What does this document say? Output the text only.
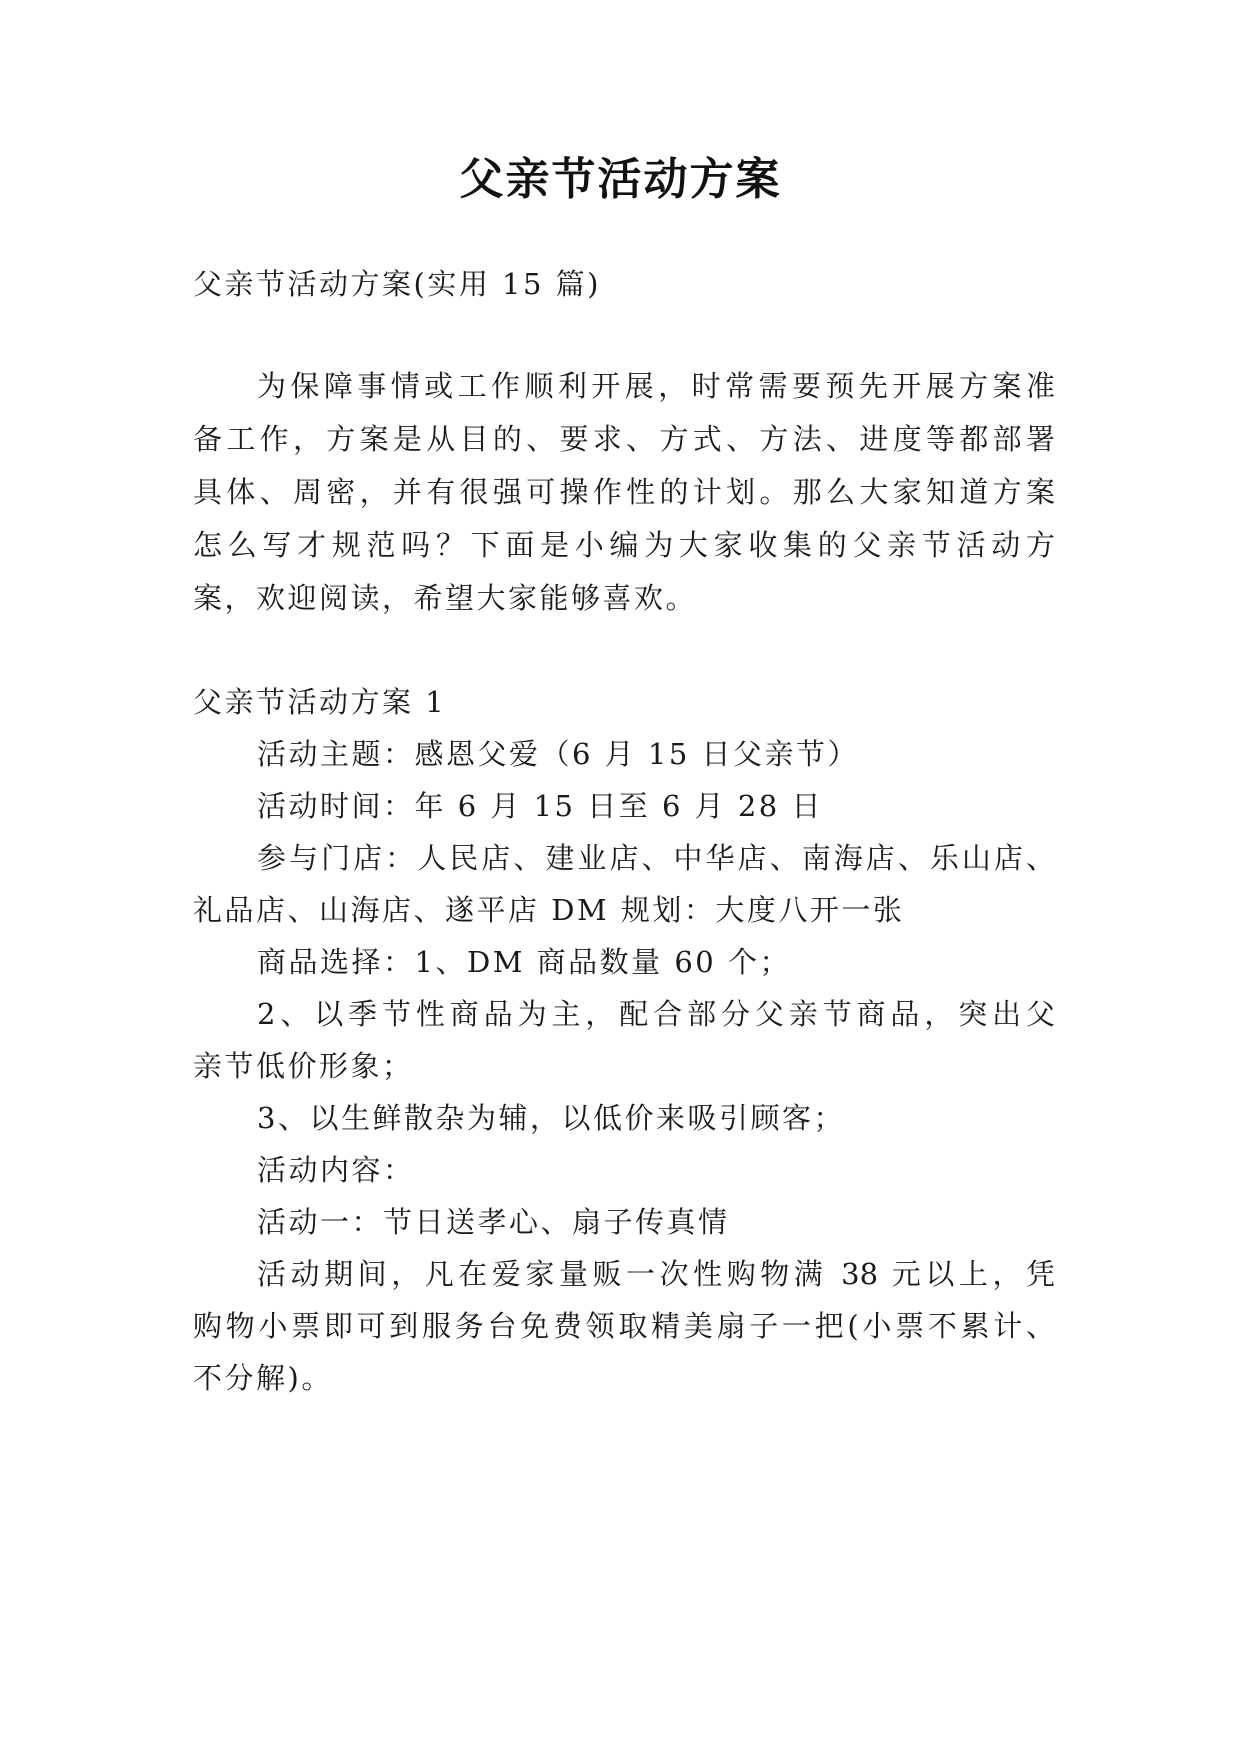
父亲节活动方案
父亲节活动方案(实用 15 篇)
为保障事情或工作顺利开展，时常需要预先开展方案准
备工作，方案是从目的、要求、方式、方法、进度等都部署
具体、周密，并有很强可操作性的计划。那么大家知道方案
怎么写才规范吗？下面是小编为大家收集的父亲节活动方
案，欢迎阅读，希望大家能够喜欢。
父亲节活动方案 1
活动主题：感恩父爱（6 月 15 日父亲节）
活动时间：年 6 月 15 日至 6 月 28 日
参与门店：人民店、建业店、中华店、南海店、乐山店、
礼品店、山海店、遂平店 DM 规划：大度八开一张
商品选择：1、DM 商品数量 60 个；
2、以季节性商品为主，配合部分父亲节商品，突出父
亲节低价形象；
3、以生鲜散杂为辅，以低价来吸引顾客；
活动内容：
活动一：节日送孝心、扇子传真情
活动期间，凡在爱家量贩一次性购物满 38 元以上，凭
购物小票即可到服务台免费领取精美扇子一把(小票不累计、
不分解)。
